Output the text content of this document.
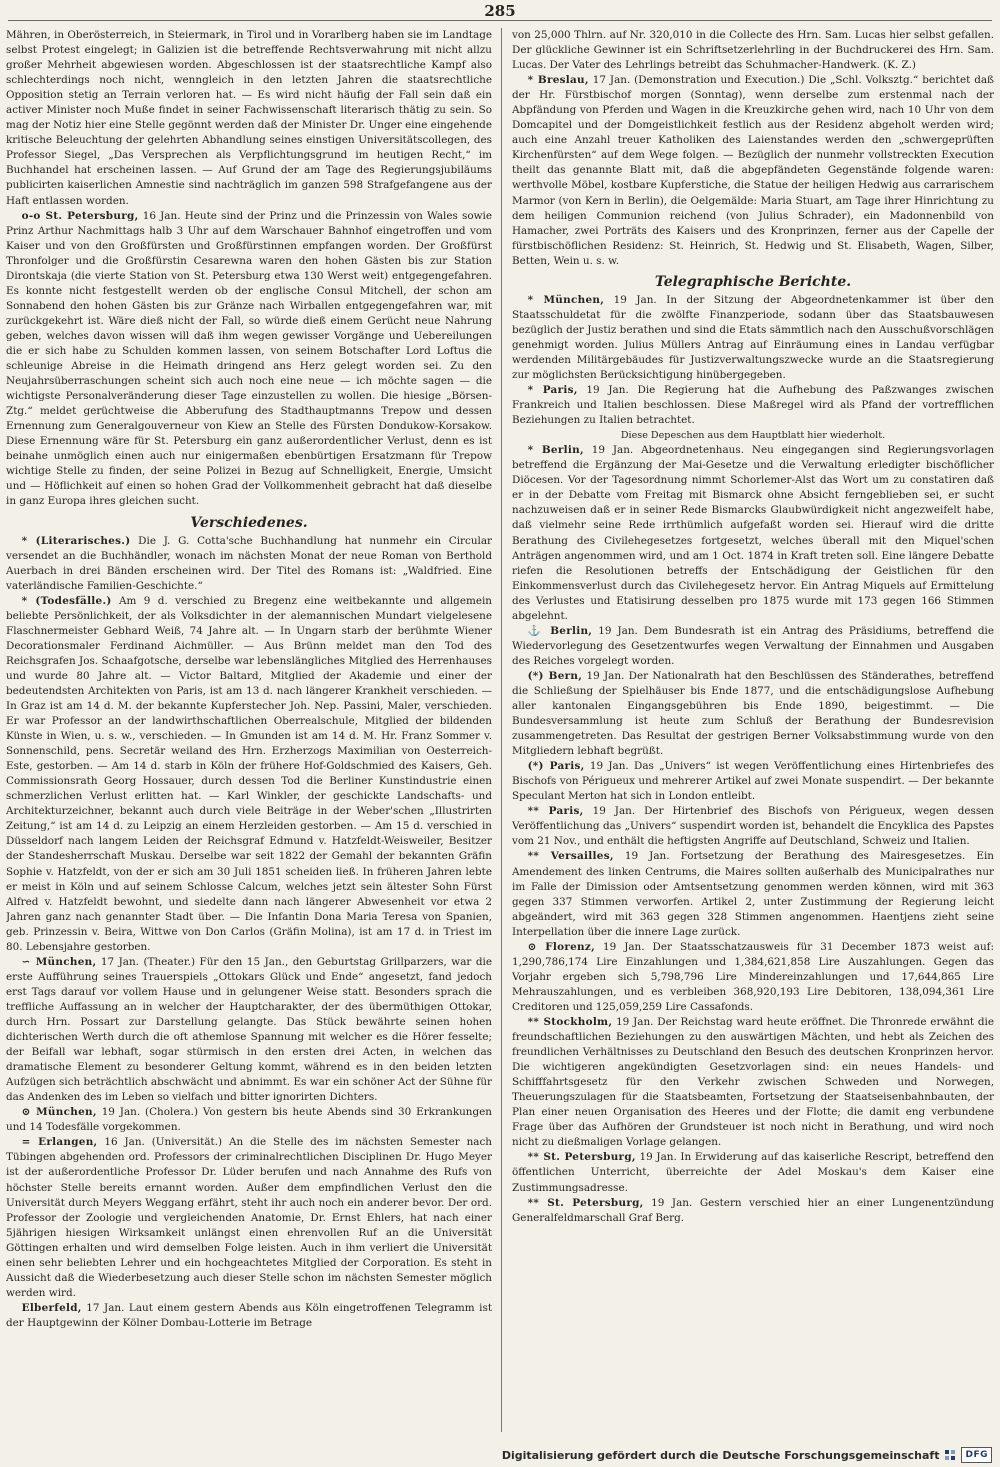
285

Mähren, in Oberösterreich, in Steiermark, in Tirol und in Vorarlberg haben sie im Landtage selbst Protest eingelegt; in Galizien ist die betreffende Rechtsverwahrung mit nicht allzu großer Mehrheit abgewiesen worden. Abgeschlossen ist der staatsrechtliche Kampf also schlechterdings noch nicht, wenngleich in den letzten Jahren die staatsrechtliche Opposition stetig an Terrain verloren hat. — Es wird nicht häufig der Fall sein daß ein activer Minister noch Muße findet in seiner Fachwissenschaft literarisch thätig zu sein. So mag der Notiz hier eine Stelle gegönnt werden daß der Minister Dr. Unger eine eingehende kritische Beleuchtung der gelehrten Abhandlung seines einstigen Universitätscollegen, des Professor Siegel, „Das Versprechen als Verpflichtungsgrund im heutigen Recht,“ im Buchhandel hat erscheinen lassen. — Auf Grund der am Tage des Regierungsjubiläums publicirten kaiserlichen Amnestie sind nachträglich im ganzen 598 Strafgefangene aus der Haft entlassen worden.

o-o St. Petersburg, 16 Jan. Heute sind der Prinz und die Prinzessin von Wales sowie Prinz Arthur Nachmittags halb 3 Uhr auf dem Warschauer Bahnhof eingetroffen und vom Kaiser und von den Großfürsten und Großfürstinnen empfangen worden. Der Großfürst Thronfolger und die Großfürstin Cesarewna waren den hohen Gästen bis zur Station Dirontskaja (die vierte Station von St. Petersburg etwa 130 Werst weit) entgegengefahren. Es konnte nicht festgestellt werden ob der englische Consul Mitchell, der schon am Sonnabend den hohen Gästen bis zur Gränze nach Wirballen entgegengefahren war, mit zurückgekehrt ist. Wäre dieß nicht der Fall, so würde dieß einem Gerücht neue Nahrung geben, welches davon wissen will daß ihm wegen gewisser Vorgänge und Uebereilungen die er sich habe zu Schulden kommen lassen, von seinem Botschafter Lord Loftus die schleunige Abreise in die Heimath dringend ans Herz gelegt worden sei. Zu den Neujahrsüberraschungen scheint sich auch noch eine neue — ich möchte sagen — die wichtigste Personalveränderung dieser Tage einzustellen zu wollen. Die hiesige „Börsen-Ztg.“ meldet gerüchtweise die Abberufung des Stadthauptmanns Trepow und dessen Ernennung zum Generalgouverneur von Kiew an Stelle des Fürsten Dondukow-Korsakow. Diese Ernennung wäre für St. Petersburg ein ganz außerordentlicher Verlust, denn es ist beinahe unmöglich einen auch nur einigermaßen ebenbürtigen Ersatzmann für Trepow wichtige Stelle zu finden, der seine Polizei in Bezug auf Schnelligkeit, Energie, Umsicht und — Höflichkeit auf einen so hohen Grad der Vollkommenheit gebracht hat daß dieselbe in ganz Europa ihres gleichen sucht.

Verschiedenes.

* (Literarisches.) Die J. G. Cotta'sche Buchhandlung hat nunmehr ein Circular versendet an die Buchhändler, wonach im nächsten Monat der neue Roman von Berthold Auerbach in drei Bänden erscheinen wird. Der Titel des Romans ist: „Waldfried. Eine vaterländische Familien-Geschichte.“

* (Todesfälle.) Am 9 d. verschied zu Bregenz eine weitbekannte und allgemein beliebte Persönlichkeit, der als Volksdichter in der alemannischen Mundart vielgelesene Flaschnermeister Gebhard Weiß, 74 Jahre alt. — In Ungarn starb der berühmte Wiener Decorationsmaler Ferdinand Aichmüller. — Aus Brünn meldet man den Tod des Reichsgrafen Jos. Schaafgotsche, derselbe war lebenslängliches Mitglied des Herrenhauses und wurde 80 Jahre alt. — Victor Baltard, Mitglied der Akademie und einer der bedeutendsten Architekten von Paris, ist am 13 d. nach längerer Krankheit verschieden. — In Graz ist am 14 d. M. der bekannte Kupferstecher Joh. Nep. Passini, Maler, verschieden. Er war Professor an der landwirthschaftlichen Oberrealschule, Mitglied der bildenden Künste in Wien, u. s. w., verschieden. — In Gmunden ist am 14 d. M. Hr. Franz Sommer v. Sonnenschild, pens. Secretär weiland des Hrn. Erzherzogs Maximilian von Oesterreich-Este, gestorben. — Am 14 d. starb in Köln der frühere Hof-Goldschmied des Kaisers, Geh. Commissionsrath Georg Hossauer, durch dessen Tod die Berliner Kunstindustrie einen schmerzlichen Verlust erlitten hat. — Karl Winkler, der geschickte Landschafts- und Architekturzeichner, bekannt auch durch viele Beiträge in der Weber'schen „Illustrirten Zeitung,“ ist am 14 d. zu Leipzig an einem Herzleiden gestorben. — Am 15 d. verschied in Düsseldorf nach langem Leiden der Reichsgraf Edmund v. Hatzfeldt-Weisweiler, Besitzer der Standesherrschaft Muskau. Derselbe war seit 1822 der Gemahl der bekannten Gräfin Sophie v. Hatzfeldt, von der er sich am 30 Juli 1851 scheiden ließ. In früheren Jahren lebte er meist in Köln und auf seinem Schlosse Calcum, welches jetzt sein ältester Sohn Fürst Alfred v. Hatzfeldt bewohnt, und siedelte dann nach längerer Abwesenheit vor etwa 2 Jahren ganz nach genannter Stadt über. — Die Infantin Dona Maria Teresa von Spanien, geb. Prinzessin v. Beira, Wittwe von Don Carlos (Gräfin Molina), ist am 17 d. in Triest im 80. Lebensjahre gestorben.

∽ München, 17 Jan. (Theater.) Für den 15 Jan., den Geburtstag Grillparzers, war die erste Aufführung seines Trauerspiels „Ottokars Glück und Ende“ angesetzt, fand jedoch erst Tags darauf vor vollem Hause und in gelungener Weise statt. Besonders sprach die treffliche Auffassung an in welcher der Hauptcharakter, der des übermüthigen Ottokar, durch Hrn. Possart zur Darstellung gelangte. Das Stück bewährte seinen hohen dichterischen Werth durch die oft athemlose Spannung mit welcher es die Hörer fesselte; der Beifall war lebhaft, sogar stürmisch in den ersten drei Acten, in welchen das dramatische Element zu besonderer Geltung kommt, während es in den beiden letzten Aufzügen sich beträchtlich abschwächt und abnimmt. Es war ein schöner Act der Sühne für das Andenken des im Leben so vielfach und bitter ignorirten Dichters.

⊙ München, 19 Jan. (Cholera.) Von gestern bis heute Abends sind 30 Erkrankungen und 14 Todesfälle vorgekommen.

= Erlangen, 16 Jan. (Universität.) An die Stelle des im nächsten Semester nach Tübingen abgehenden ord. Professors der criminalrechtlichen Disciplinen Dr. Hugo Meyer ist der außerordentliche Professor Dr. Lüder berufen und nach Annahme des Rufs von höchster Stelle bereits ernannt worden. Außer dem empfindlichen Verlust den die Universität durch Meyers Weggang erfährt, steht ihr auch noch ein anderer bevor. Der ord. Professor der Zoologie und vergleichenden Anatomie, Dr. Ernst Ehlers, hat nach einer 5jährigen hiesigen Wirksamkeit unlängst einen ehrenvollen Ruf an die Universität Göttingen erhalten und wird demselben Folge leisten. Auch in ihm verliert die Universität einen sehr beliebten Lehrer und ein hochgeachtetes Mitglied der Corporation. Es steht in Aussicht daß die Wiederbesetzung auch dieser Stelle schon im nächsten Semester möglich werden wird.

Elberfeld, 17 Jan. Laut einem gestern Abends aus Köln eingetroffenen Telegramm ist der Hauptgewinn der Kölner Dombau-Lotterie im Betrage

von 25,000 Thlrn. auf Nr. 320,010 in die Collecte des Hrn. Sam. Lucas hier selbst gefallen. Der glückliche Gewinner ist ein Schriftsetzerlehrling in der Buchdruckerei des Hrn. Sam. Lucas. Der Vater des Lehrlings betreibt das Schuhmacher-Handwerk. (K. Z.)

* Breslau, 17 Jan. (Demonstration und Execution.) Die „Schl. Volksztg.“ berichtet daß der Hr. Fürstbischof morgen (Sonntag), wenn derselbe zum erstenmal nach der Abpfändung von Pferden und Wagen in die Kreuzkirche gehen wird, nach 10 Uhr von dem Domcapitel und der Domgeistlichkeit festlich aus der Residenz abgeholt werden wird; auch eine Anzahl treuer Katholiken des Laienstandes werden den „schwergeprüften Kirchenfürsten“ auf dem Wege folgen. — Bezüglich der nunmehr vollstreckten Execution theilt das genannte Blatt mit, daß die abgepfändeten Gegenstände folgende waren: werthvolle Möbel, kostbare Kupferstiche, die Statue der heiligen Hedwig aus carrarischem Marmor (von Kern in Berlin), die Oelgemälde: Maria Stuart, am Tage ihrer Hinrichtung zu dem heiligen Communion reichend (von Julius Schrader), ein Madonnenbild von Hamacher, zwei Porträts des Kaisers und des Kronprinzen, ferner aus der Capelle der fürstbischöflichen Residenz: St. Heinrich, St. Hedwig und St. Elisabeth, Wagen, Silber, Betten, Wein u. s. w.

Telegraphische Berichte.

* München, 19 Jan. In der Sitzung der Abgeordnetenkammer ist über den Staatsschuldetat für die zwölfte Finanzperiode, sodann über das Staatsbauwesen bezüglich der Justiz berathen und sind die Etats sämmtlich nach den Ausschußvorschlägen genehmigt worden. Julius Müllers Antrag auf Einräumung eines in Landau verfügbar werdenden Militärgebäudes für Justizverwaltungszwecke wurde an die Staatsregierung zur möglichsten Berücksichtigung hinübergegeben.

* Paris, 19 Jan. Die Regierung hat die Aufhebung des Paßzwanges zwischen Frankreich und Italien beschlossen. Diese Maßregel wird als Pfand der vortrefflichen Beziehungen zu Italien betrachtet.

Diese Depeschen aus dem Hauptblatt hier wiederholt.

* Berlin, 19 Jan. Abgeordnetenhaus. Neu eingegangen sind Regierungsvorlagen betreffend die Ergänzung der Mai-Gesetze und die Verwaltung erledigter bischöflicher Diöcesen. Vor der Tagesordnung nimmt Schorlemer-Alst das Wort um zu constatiren daß er in der Debatte vom Freitag mit Bismarck ohne Absicht ferngeblieben sei, er sucht nachzuweisen daß er in seiner Rede Bismarcks Glaubwürdigkeit nicht angezweifelt habe, daß vielmehr seine Rede irrthümlich aufgefaßt worden sei. Hierauf wird die dritte Berathung des Civilehegesetzes fortgesetzt, welches überall mit den Miquel'schen Anträgen angenommen wird, und am 1 Oct. 1874 in Kraft treten soll. Eine längere Debatte riefen die Resolutionen betreffs der Entschädigung der Geistlichen für den Einkommensverlust durch das Civilehegesetz hervor. Ein Antrag Miquels auf Ermittelung des Verlustes und Etatisirung desselben pro 1875 wurde mit 173 gegen 166 Stimmen abgelehnt.

⚓ Berlin, 19 Jan. Dem Bundesrath ist ein Antrag des Präsidiums, betreffend die Wiedervorlegung des Gesetzentwurfes wegen Verwaltung der Einnahmen und Ausgaben des Reiches vorgelegt worden.

(*) Bern, 19 Jan. Der Nationalrath hat den Beschlüssen des Ständerathes, betreffend die Schließung der Spielhäuser bis Ende 1877, und die entschädigungslose Aufhebung aller kantonalen Eingangsgebühren bis Ende 1890, beigestimmt. — Die Bundesversammlung ist heute zum Schluß der Berathung der Bundesrevision zusammengetreten. Das Resultat der gestrigen Berner Volksabstimmung wurde von den Mitgliedern lebhaft begrüßt.

(*) Paris, 19 Jan. Das „Univers“ ist wegen Veröffentlichung eines Hirtenbriefes des Bischofs von Périgueux und mehrerer Artikel auf zwei Monate suspendirt. — Der bekannte Speculant Merton hat sich in London entleibt.

** Paris, 19 Jan. Der Hirtenbrief des Bischofs von Périgueux, wegen dessen Veröffentlichung das „Univers“ suspendirt worden ist, behandelt die Encyklica des Papstes vom 21 Nov., und enthält die heftigsten Angriffe auf Deutschland, Schweiz und Italien.

** Versailles, 19 Jan. Fortsetzung der Berathung des Mairesgesetzes. Ein Amendement des linken Centrums, die Maires sollten außerhalb des Municipalrathes nur im Falle der Dimission oder Amtsentsetzung genommen werden können, wird mit 363 gegen 337 Stimmen verworfen. Artikel 2, unter Zustimmung der Regierung leicht abgeändert, wird mit 363 gegen 328 Stimmen angenommen. Haentjens zieht seine Interpellation über die innere Lage zurück.

⊙ Florenz, 19 Jan. Der Staatsschatzausweis für 31 December 1873 weist auf: 1,290,786,174 Lire Einzahlungen und 1,384,621,858 Lire Auszahlungen. Gegen das Vorjahr ergeben sich 5,798,796 Lire Mindereinzahlungen und 17,644,865 Lire Mehrauszahlungen, und es verbleiben 368,920,193 Lire Debitoren, 138,094,361 Lire Creditoren und 125,059,259 Lire Cassafonds.

** Stockholm, 19 Jan. Der Reichstag ward heute eröffnet. Die Thronrede erwähnt die freundschaftlichen Beziehungen zu den auswärtigen Mächten, und hebt als Zeichen des freundlichen Verhältnisses zu Deutschland den Besuch des deutschen Kronprinzen hervor. Die wichtigeren angekündigten Gesetzvorlagen sind: ein neues Handels- und Schifffahrtsgesetz für den Verkehr zwischen Schweden und Norwegen, Theuerungszulagen für die Staatsbeamten, Fortsetzung der Staatseisenbahnbauten, der Plan einer neuen Organisation des Heeres und der Flotte; die damit eng verbundene Frage über das Aufhören der Grundsteuer ist noch nicht in Berathung, und wird noch nicht zu dießmaligen Vorlage gelangen.

** St. Petersburg, 19 Jan. In Erwiderung auf das kaiserliche Rescript, betreffend den öffentlichen Unterricht, überreichte der Adel Moskau's dem Kaiser eine Zustimmungsadresse.

** St. Petersburg, 19 Jan. Gestern verschied hier an einer Lungenentzündung Generalfeldmarschall Graf Berg.

Digitalisierung gefördert durch die Deutsche Forschungsgemeinschaft	DFG
